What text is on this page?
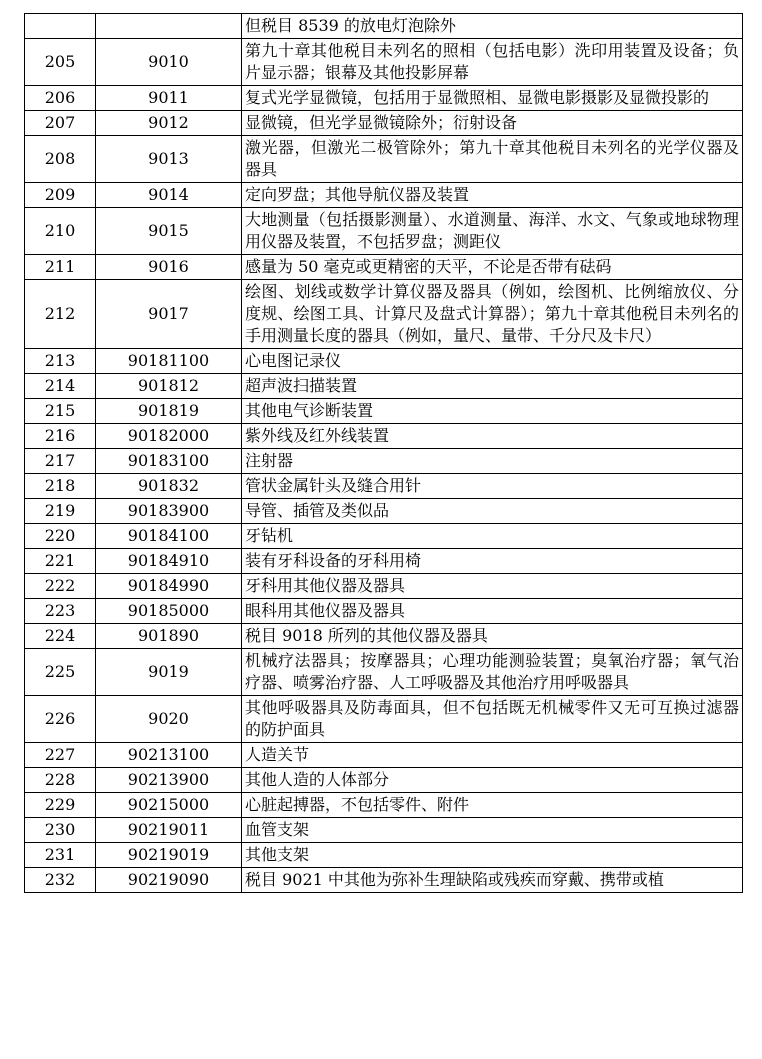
		但税目 8539 的放电灯泡除外
205	9010	第九十章其他税目未列名的照相（包括电影）洗印用装置及设备；负片显示器；银幕及其他投影屏幕
206	9011	复式光学显微镜，包括用于显微照相、显微电影摄影及显微投影的
207	9012	显微镜，但光学显微镜除外；衍射设备
208	9013	激光器，但激光二极管除外；第九十章其他税目未列名的光学仪器及器具
209	9014	定向罗盘；其他导航仪器及装置
210	9015	大地测量（包括摄影测量）、水道测量、海洋、水文、气象或地球物理用仪器及装置，不包括罗盘；测距仪
211	9016	感量为 50 毫克或更精密的天平，不论是否带有砝码
212	9017	绘图、划线或数学计算仪器及器具（例如，绘图机、比例缩放仪、分度规、绘图工具、计算尺及盘式计算器）；第九十章其他税目未列名的手用测量长度的器具（例如，量尺、量带、千分尺及卡尺）
213	90181100	心电图记录仪
214	901812	超声波扫描装置
215	901819	其他电气诊断装置
216	90182000	紫外线及红外线装置
217	90183100	注射器
218	901832	管状金属针头及缝合用针
219	90183900	导管、插管及类似品
220	90184100	牙钻机
221	90184910	装有牙科设备的牙科用椅
222	90184990	牙科用其他仪器及器具
223	90185000	眼科用其他仪器及器具
224	901890	税目 9018 所列的其他仪器及器具
225	9019	机械疗法器具；按摩器具；心理功能测验装置；臭氧治疗器；氧气治疗器、喷雾治疗器、人工呼吸器及其他治疗用呼吸器具
226	9020	其他呼吸器具及防毒面具，但不包括既无机械零件又无可互换过滤器的防护面具
227	90213100	人造关节
228	90213900	其他人造的人体部分
229	90215000	心脏起搏器，不包括零件、附件
230	90219011	血管支架
231	90219019	其他支架
232	90219090	税目 9021 中其他为弥补生理缺陷或残疾而穿戴、携带或植
